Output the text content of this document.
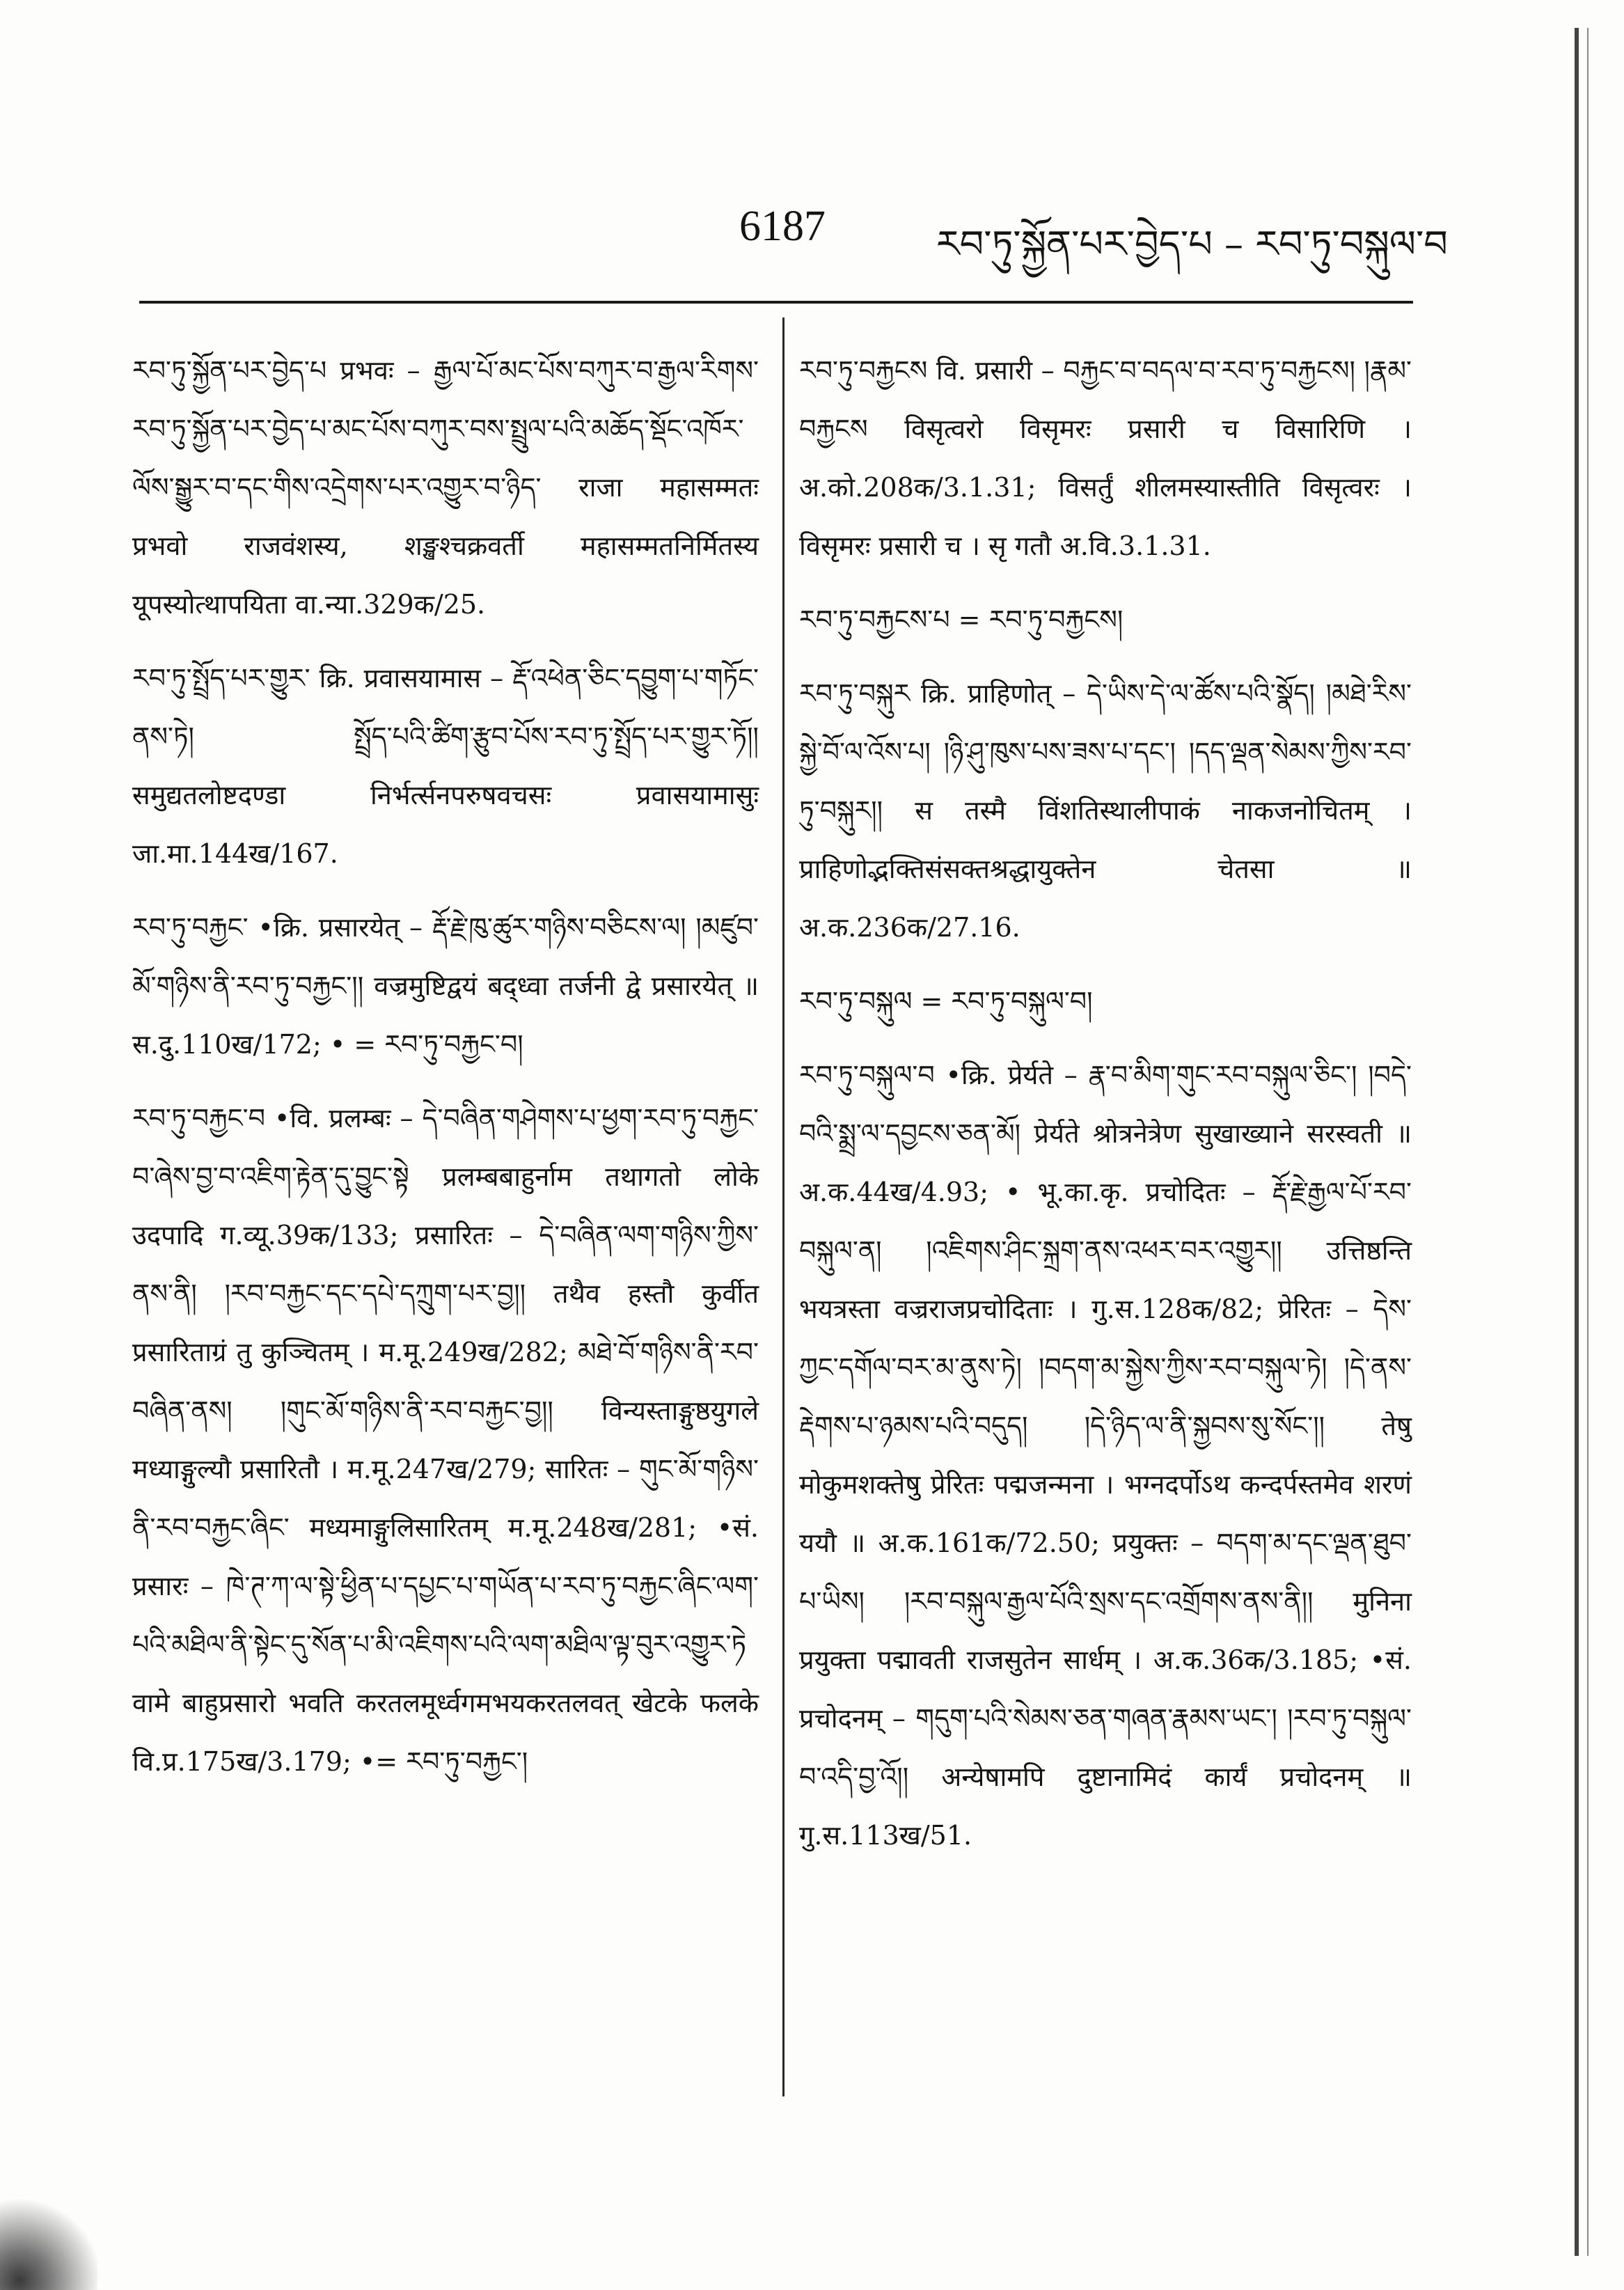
6187	རབ་ཏུ་སྐྱོན་པར་བྱེད་པ – རབ་ཏུ་བསྐུལ་བ
རབ་ཏུ་སྐྱོན་པར་བྱེད་པ प्रभवः – རྒྱལ་པོ་མང་པོས་བཀུར་བ་རྒྱལ་རིགས་རབ་ཏུ་སྐྱོན་པར་བྱེད་པ་མང་པོས་བཀུར་བས་སྤྲུལ་པའི་མཆོད་སྡོང་འཁོར་ལོས་སྒྱུར་བ་དང་གིས་འདྲེགས་པར་འགྱུར་བ་ཉིད་ राजा महासम्मतः प्रभवो राजवंशस्य, शङ्खश्चक्रवर्ती महासम्मतनिर्मितस्य यूपस्योत्थापयिता वा.न्या.329क/25.
རབ་ཏུ་སྤྲོད་པར་གྱུར་ क्रि. प्रवासयामास – རྡོ་འཕེན་ཅིང་དབྱུག་པ་གཏོང་ནས་ཏེ། སྤྲོད་པའི་ཚིག་རྩུབ་པོས་རབ་ཏུ་སྤྲོད་པར་གྱུར་ཏོ།། समुद्यतलोष्टदण्डा निर्भर्त्सनपरुषवचसः प्रवासयामासुः जा.मा.144ख/167.
རབ་ཏུ་བརྐྱང་ •क्रि. प्रसारयेत् – རྡོ་རྗེ་ཁུ་ཚུར་གཉིས་བཅིངས་ལ། །མཛུབ་མོ་གཉིས་ནི་རབ་ཏུ་བརྐྱང་།། वज्रमुष्टिद्वयं बद्ध्वा तर्जनी द्वे प्रसारयेत् ॥ स.दु.110ख/172; • = རབ་ཏུ་བརྐྱང་བ།
རབ་ཏུ་བརྐྱང་བ •वि. प्रलम्बः – དེ་བཞིན་གཤེགས་པ་ཕྱག་རབ་ཏུ་བརྐྱང་བ་ཞེས་བྱ་བ་འཇིག་རྟེན་དུ་བྱུང་སྟེ प्रलम्बबाहुर्नाम तथागतो लोके उदपादि ग.व्यू.39क/133; प्रसारितः – དེ་བཞིན་ལག་གཉིས་ཀྱིས་ནས་ནི། །རབ་བརྐྱང་དང་དཔེ་དཀྲུག་པར་བྱ།། तथैव हस्तौ कुर्वीत प्रसारिताग्रं तु कुञ्चितम् । म.मू.249ख/282; མཐེ་བོ་གཉིས་ནི་རབ་བཞིན་ནས། །གུང་མོ་གཉིས་ནི་རབ་བརྐྱང་བྱ།། विन्यस्ताङ्गुष्ठयुगले मध्याङ्गुल्यौ प्रसारितौ । म.मू.247ख/279; सारितः – གུང་མོ་གཉིས་ནི་རབ་བརྐྱང་ཞིང་ मध्यमाङ्गुलिसारितम् म.मू.248ख/281; •सं. प्रसारः – ཁེ་ཊ་ཀ་ལ་སྟེ་ཕྱིན་པ་དཔྱང་པ་གཡོན་པ་རབ་ཏུ་བརྐྱང་ཞིང་ལག་པའི་མཐིལ་ནི་སྟེང་དུ་སོན་པ་མི་འཇིགས་པའི་ལག་མཐིལ་ལྟ་བུར་འགྱུར་ཏེ वामे बाहुप्रसारो भवति करतलमूर्ध्वगमभयकरतलवत् खेटके फलके वि.प्र.175ख/3.179; •= རབ་ཏུ་བརྐྱང་།
རབ་ཏུ་བརྐྱངས वि. प्रसारी – བརྐྱང་བ་བདལ་བ་རབ་ཏུ་བརྐྱངས། །རྣམ་བརྐྱངས विसृत्वरो विसृमरः प्रसारी च विसारिणि । अ.को.208क/3.1.31; विसर्तुं शीलमस्यास्तीति विसृत्वरः । विसृमरः प्रसारी च । सृ गतौ अ.वि.3.1.31.
རབ་ཏུ་བརྐྱངས་པ = རབ་ཏུ་བརྐྱངས།
རབ་ཏུ་བསྐུར क्रि. प्राहिणोत् – དེ་ཡིས་དེ་ལ་ཚོས་པའི་སྣོད། །མཐེ་རིས་སྐྱེ་བོ་ལ་འོས་པ། །ཉི་ཤུ་ཁུས་པས་ཟས་པ་དང་། །དད་ལྡན་སེམས་ཀྱིས་རབ་ཏུ་བསྐུར།། स तस्मै विंशतिस्थालीपाकं नाकजनोचितम् । प्राहिणोद्भक्तिसंसक्तश्रद्धायुक्तेन चेतसा ॥ अ.क.236क/27.16.
རབ་ཏུ་བསྐུལ = རབ་ཏུ་བསྐུལ་བ།
རབ་ཏུ་བསྐུལ་བ •क्रि. प्रेर्यते – རྣ་བ་མིག་གུང་རབ་བསྐུལ་ཅིང་། །བདེ་བའི་སྨྲ་ལ་དབྱངས་ཅན་མོ། प्रेर्यते श्रोत्रनेत्रेण सुखाख्याने सरस्वती ॥ अ.क.44ख/4.93; • भू.का.कृ. प्रचोदितः – རྡོ་རྗེ་རྒྱལ་པོ་རབ་བསྐུལ་ན། །འཇིགས་ཤིང་སྐྲག་ནས་འཕར་བར་འགྱུར།། उत्तिष्ठन्ति भयत्रस्ता वज्रराजप्रचोदिताः । गु.स.128क/82; प्रेरितः – དེས་ཀྱང་དགོལ་བར་མ་ནུས་ཏེ། །བདག་མ་སྐྱེས་ཀྱིས་རབ་བསྐུལ་ཏེ། །དེ་ནས་རྡེགས་པ་ཉམས་པའི་བདུད། །དེ་ཉིད་ལ་ནི་སྐྱབས་སུ་སོང་།། तेषु मोकुमशक्तेषु प्रेरितः पद्मजन्मना । भग्नदर्पोऽथ कन्दर्पस्तमेव शरणं ययौ ॥ अ.क.161क/72.50; प्रयुक्तः – བདག་མ་དང་ལྡན་ཐུབ་པ་ཡིས། །རབ་བསྐུལ་རྒྱལ་པོའི་སྲས་དང་འགྲོགས་ནས་ནི།། मुनिना प्रयुक्ता पद्मावती राजसुतेन सार्धम् । अ.क.36क/3.185; •सं. प्रचोदनम् – གདུག་པའི་སེམས་ཅན་གཞན་རྣམས་ཡང་། །རབ་ཏུ་བསྐུལ་བ་འདི་བྱ་འོ།། अन्येषामपि दुष्टानामिदं कार्यं प्रचोदनम् ॥ गु.स.113ख/51.
